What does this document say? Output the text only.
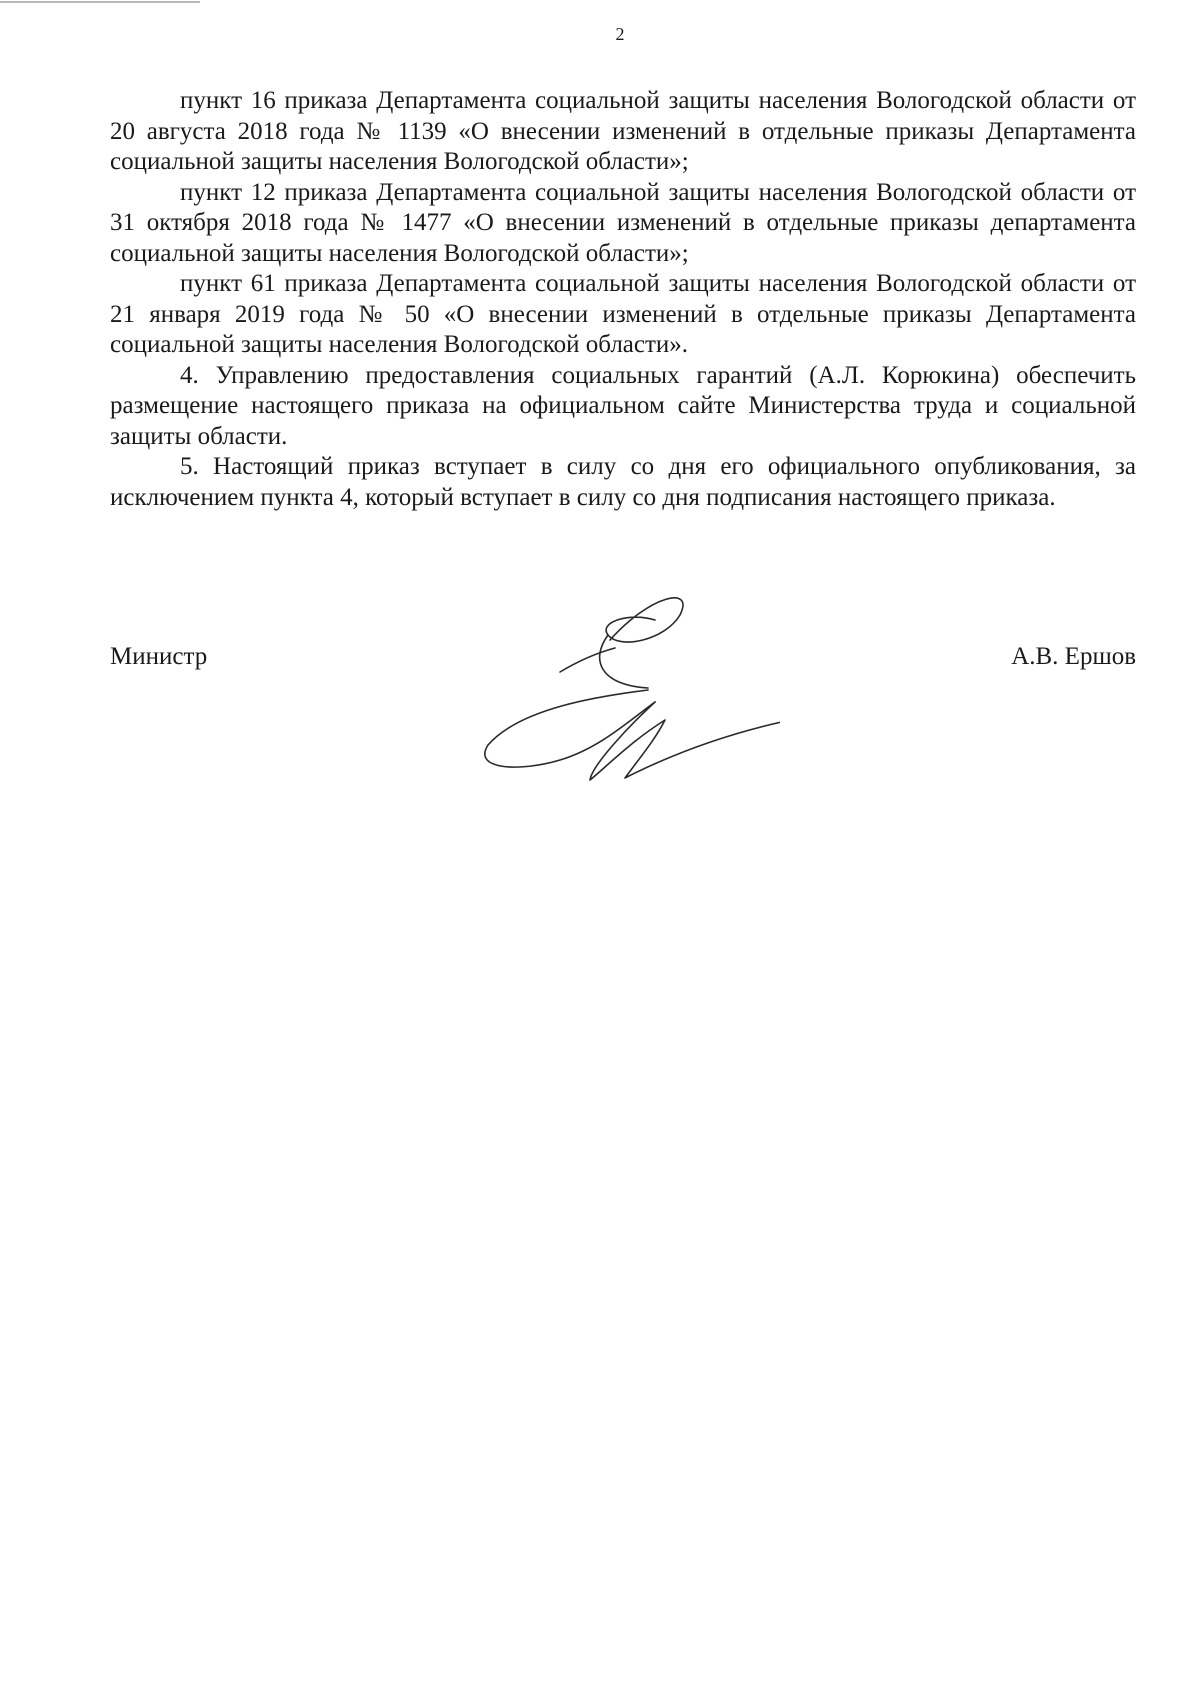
2

пункт 16 приказа Департамента социальной защиты населения Вологодской области от 20 августа 2018 года № 1139 «О внесении изменений в отдельные приказы Департамента социальной защиты населения Вологодской области»;

пункт 12 приказа Департамента социальной защиты населения Вологодской области от 31 октября 2018 года № 1477 «О внесении изменений в отдельные приказы департамента социальной защиты населения Вологодской области»;

пункт 61 приказа Департамента социальной защиты населения Вологодской области от 21 января 2019 года № 50 «О внесении изменений в отдельные приказы Департамента социальной защиты населения Вологодской области».

4. Управлению предоставления социальных гарантий (А.Л. Корюкина) обеспечить размещение настоящего приказа на официальном сайте Министерства труда и социальной защиты области.

5. Настоящий приказ вступает в силу со дня его официального опубликования, за исключением пункта 4, который вступает в силу со дня подписания настоящего приказа.

Министр	А.В. Ершов
